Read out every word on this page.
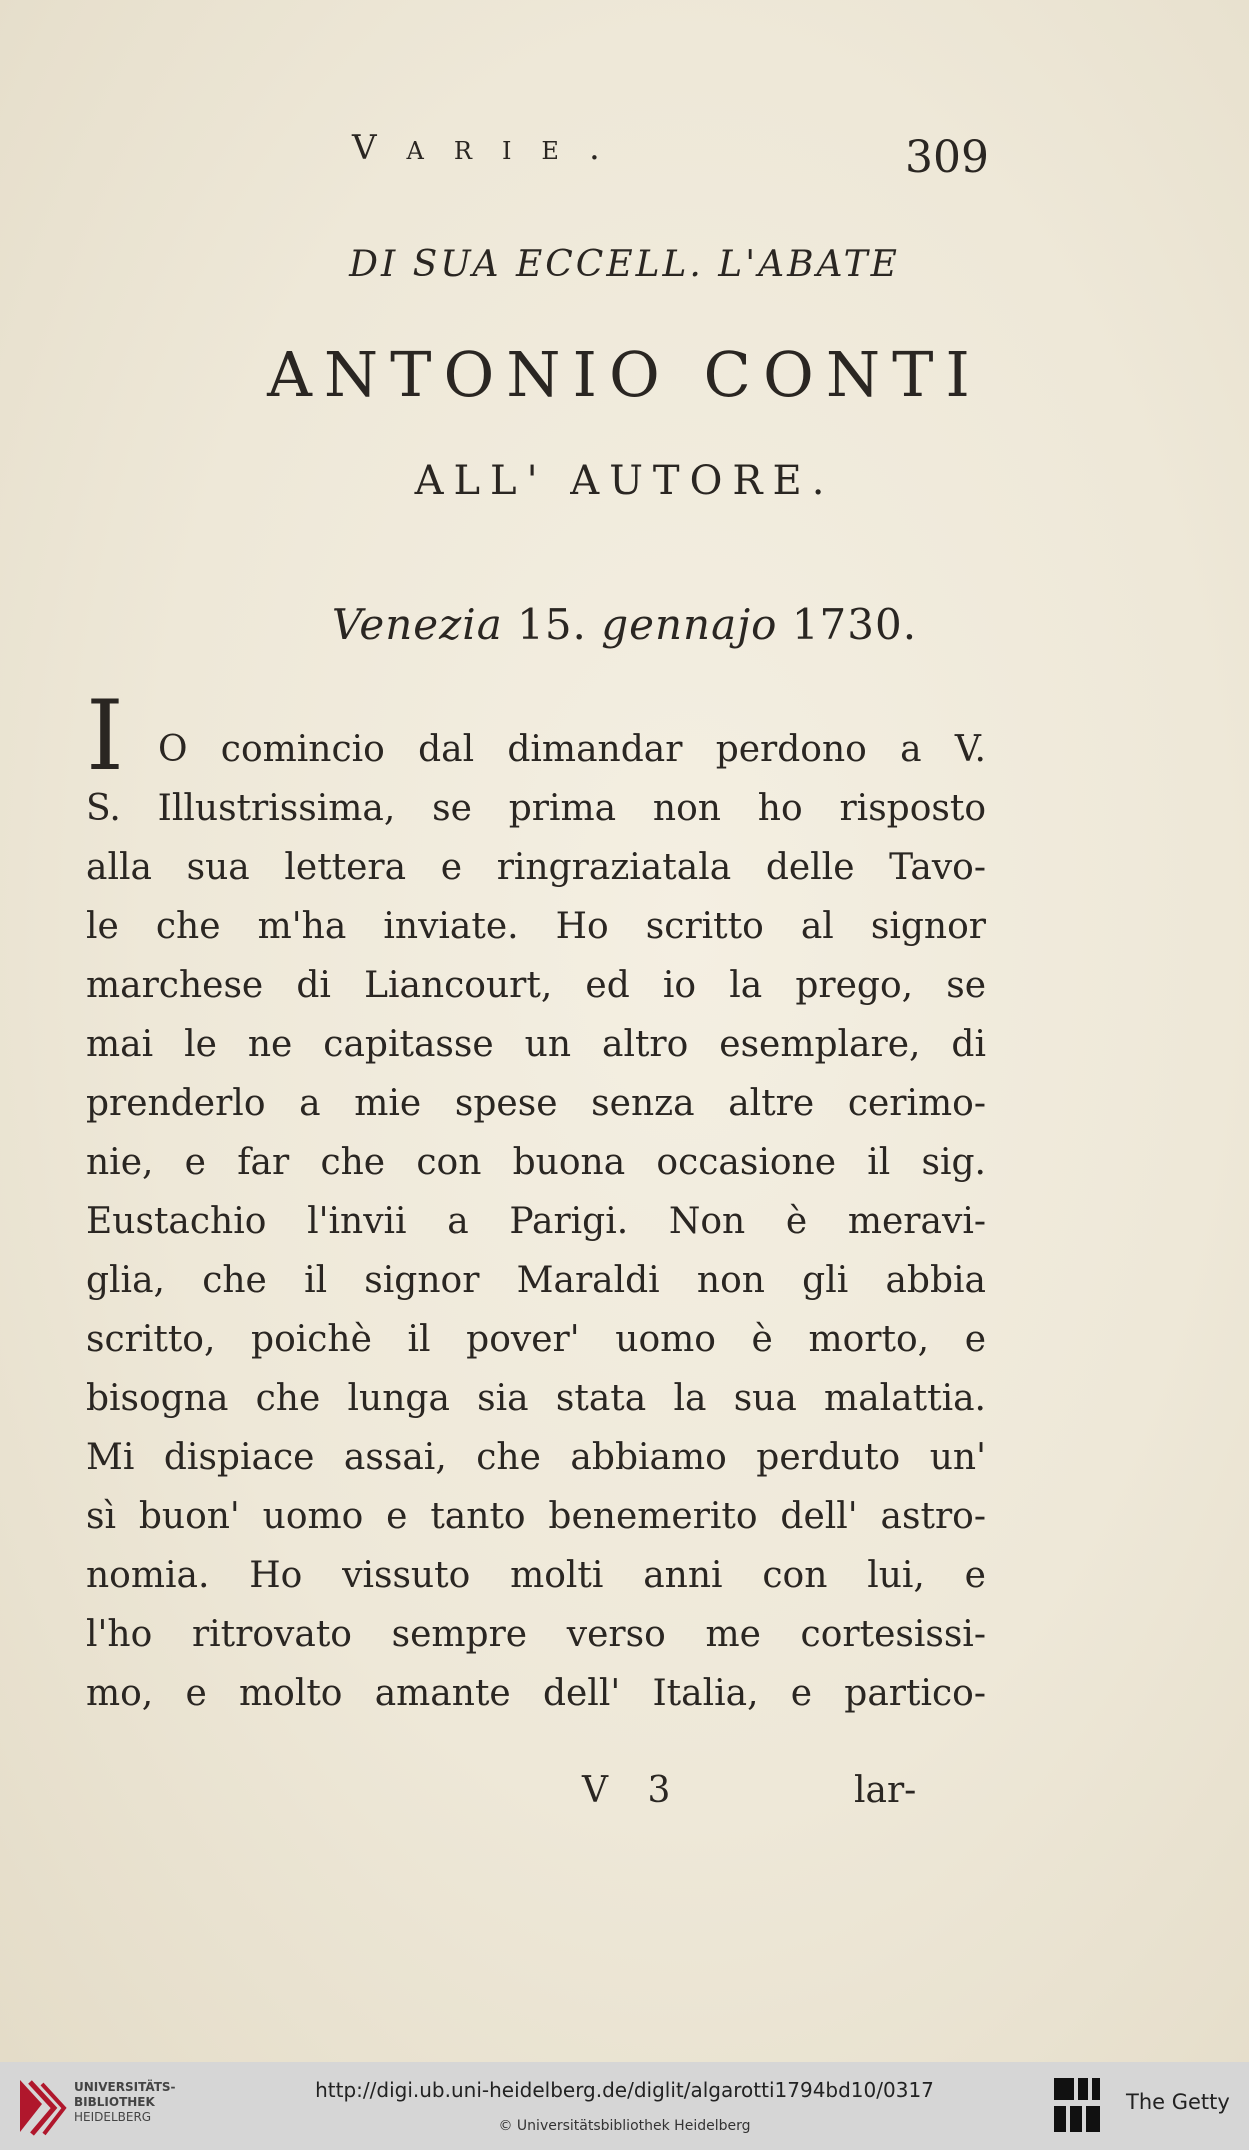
Varie.	309
DI SUA ECCELL. L'ABATE
ANTONIO CONTI
ALL' AUTORE.
Venezia 15. gennajo 1730.
I O comincio dal dimandar perdono a V.
S. Illustrissima, se prima non ho risposto
alla sua lettera e ringraziatala delle Tavo-
le che m'ha inviate. Ho scritto al signor
marchese di Liancourt, ed io la prego, se
mai le ne capitasse un altro esemplare, di
prenderlo a mie spese senza altre cerimo-
nie, e far che con buona occasione il sig.
Eustachio l'invii a Parigi. Non è meravi-
glia, che il signor Maraldi non gli abbia
scritto, poichè il pover' uomo è morto, e
bisogna che lunga sia stata la sua malattia.
Mi dispiace assai, che abbiamo perduto un'
sì buon' uomo e tanto benemerito dell' astro-
nomia. Ho vissuto molti anni con lui, e
l'ho ritrovato sempre verso me cortesissi-
mo, e molto amante dell' Italia, e partico-
V 3	lar-
UNIVERSITÄTS-
BIBLIOTHEK
HEIDELBERG
http://digi.ub.uni-heidelberg.de/diglit/algarotti1794bd10/0317
© Universitätsbibliothek Heidelberg
The Getty
